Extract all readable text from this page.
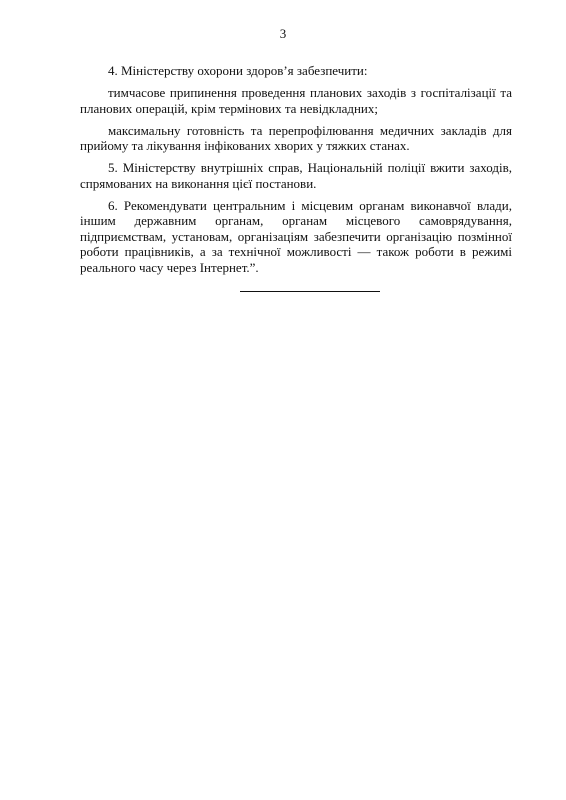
3

4. Міністерству охорони здоров’я забезпечити:

тимчасове припинення проведення планових заходів з госпіталізації та планових операцій, крім термінових та невідкладних;

максимальну готовність та перепрофілювання медичних закладів для прийому та лікування інфікованих хворих у тяжких станах.

5. Міністерству внутрішніх справ, Національній поліції вжити заходів, спрямованих на виконання цієї постанови.

6. Рекомендувати центральним і місцевим органам виконавчої влади, іншим державним органам, органам місцевого самоврядування, підприємствам, установам, організаціям забезпечити організацію позмінної роботи працівників, а за технічної можливості — також роботи в режимі реального часу через Інтернет.”.
